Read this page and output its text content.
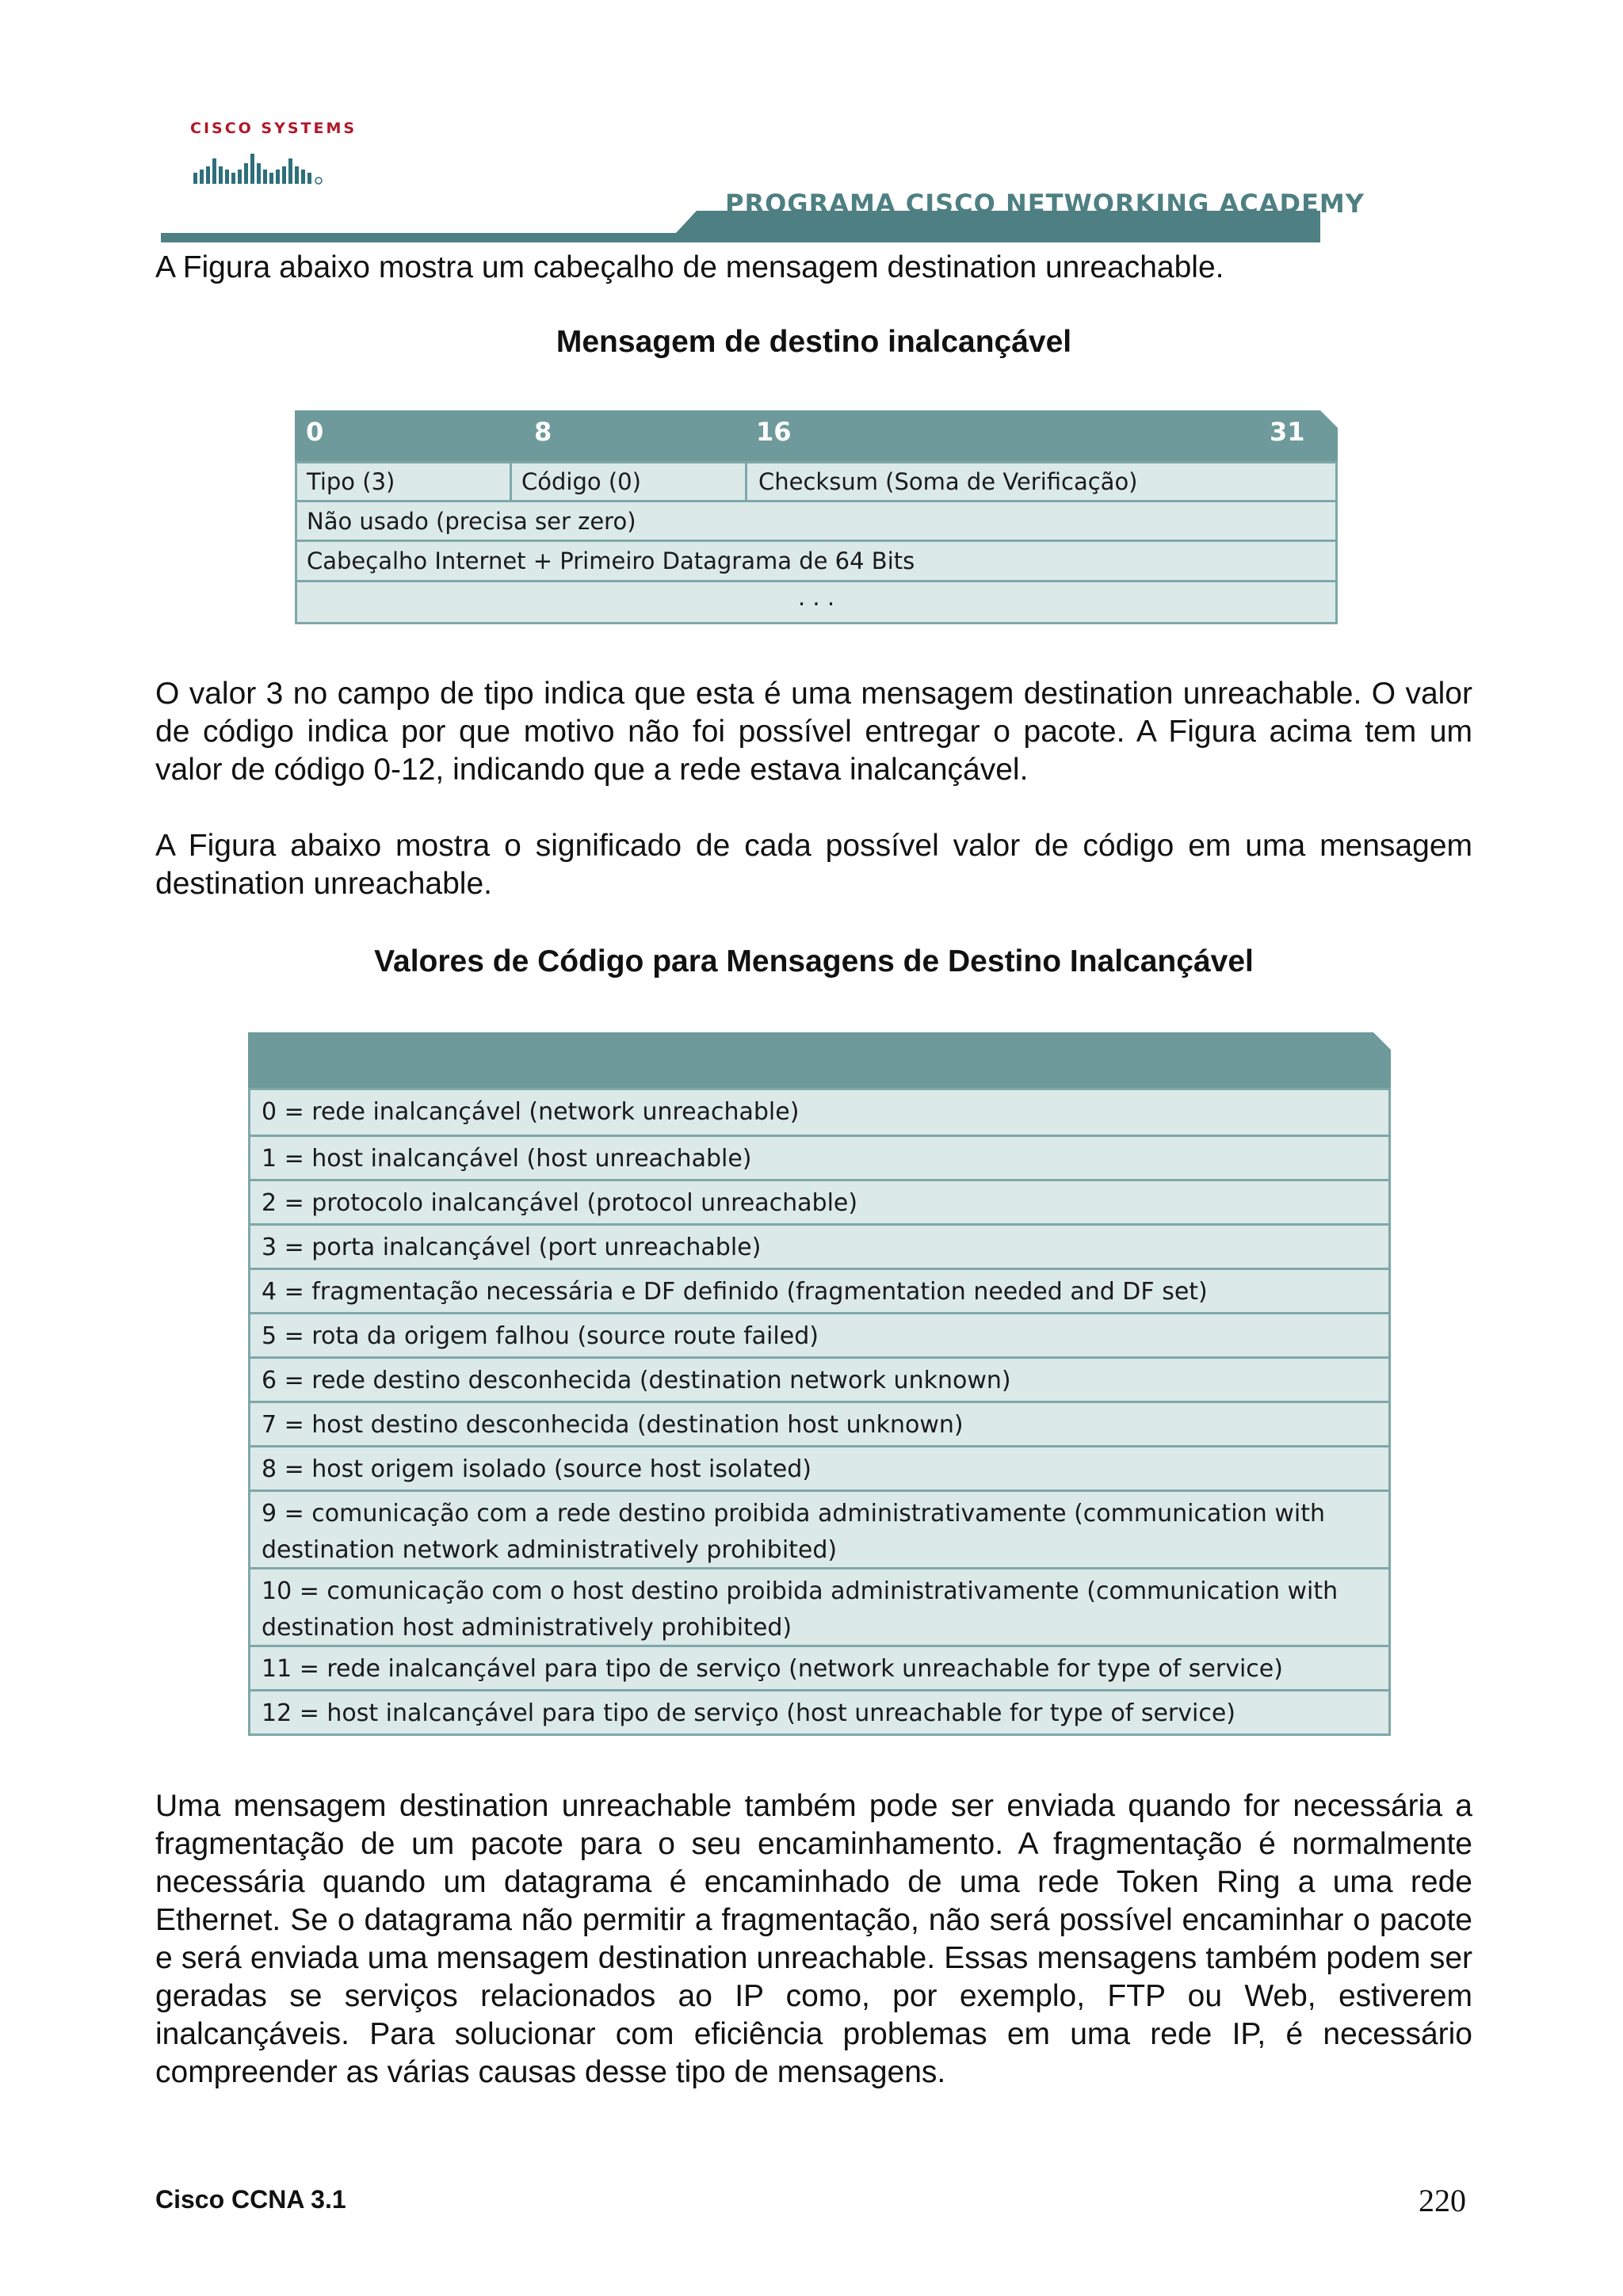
CISCO SYSTEMS
PROGRAMA CISCO NETWORKING ACADEMY
A Figura abaixo mostra um cabeçalho de mensagem destination unreachable.
Mensagem de destino inalcançável
0	8	16	31
Tipo (3)	Código (0)	Checksum (Soma de Verificação)
Não usado (precisa ser zero)
Cabeçalho Internet + Primeiro Datagrama de 64 Bits
. . .
O valor 3 no campo de tipo indica que esta é uma mensagem destination unreachable. O valor de código indica por que motivo não foi possível entregar o pacote. A Figura acima tem um valor de código 0-12, indicando que a rede estava inalcançável.
A Figura abaixo mostra o significado de cada possível valor de código em uma mensagem destination unreachable.
Valores de Código para Mensagens de Destino Inalcançável
0 = rede inalcançável (network unreachable)
1 = host inalcançável (host unreachable)
2 = protocolo inalcançável (protocol unreachable)
3 = porta inalcançável (port unreachable)
4 = fragmentação necessária e DF definido (fragmentation needed and DF set)
5 = rota da origem falhou (source route failed)
6 = rede destino desconhecida (destination network unknown)
7 = host destino desconhecida (destination host unknown)
8 = host origem isolado (source host isolated)
9 = comunicação com a rede destino proibida administrativamente (communication with destination network administratively prohibited)
10 = comunicação com o host destino proibida administrativamente (communication with destination host administratively prohibited)
11 = rede inalcançável para tipo de serviço (network unreachable for type of service)
12 = host inalcançável para tipo de serviço (host unreachable for type of service)
Uma mensagem destination unreachable também pode ser enviada quando for necessária a fragmentação de um pacote para o seu encaminhamento. A fragmentação é normalmente necessária quando um datagrama é encaminhado de uma rede Token Ring a uma rede Ethernet. Se o datagrama não permitir a fragmentação, não será possível encaminhar o pacote e será enviada uma mensagem destination unreachable. Essas mensagens também podem ser geradas se serviços relacionados ao IP como, por exemplo, FTP ou Web, estiverem inalcançáveis. Para solucionar com eficiência problemas em uma rede IP, é necessário compreender as várias causas desse tipo de mensagens.
Cisco CCNA 3.1	220
